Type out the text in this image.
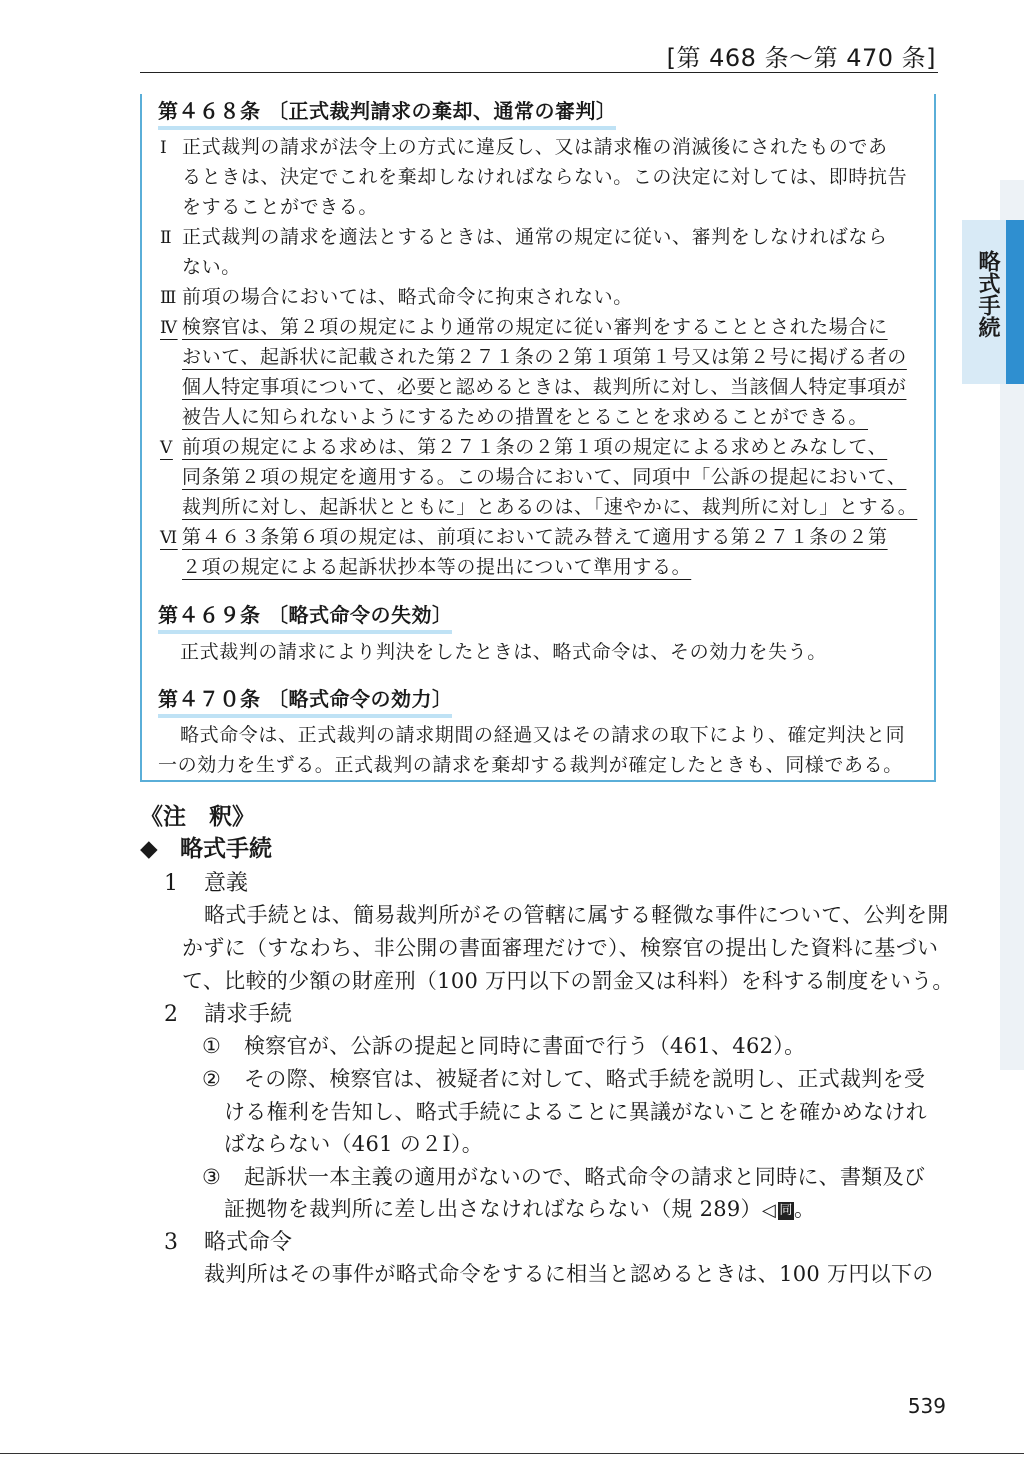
[第 468 条～第 470 条]
略式手続
第４６８条 〔正式裁判請求の棄却、通常の審判〕
Ⅰ 正式裁判の請求が法令上の方式に違反し、又は請求権の消滅後にされたものであ
るときは、決定でこれを棄却しなければならない。この決定に対しては、即時抗告
をすることができる。
Ⅱ 正式裁判の請求を適法とするときは、通常の規定に従い、審判をしなければなら
ない。
Ⅲ 前項の場合においては、略式命令に拘束されない。
Ⅳ 検察官は、第２項の規定により通常の規定に従い審判をすることとされた場合に
おいて、起訴状に記載された第２７１条の２第１項第１号又は第２号に掲げる者の
個人特定事項について、必要と認めるときは、裁判所に対し、当該個人特定事項が
被告人に知られないようにするための措置をとることを求めることができる。
Ⅴ 前項の規定による求めは、第２７１条の２第１項の規定による求めとみなして、
同条第２項の規定を適用する。この場合において、同項中「公訴の提起において、
裁判所に対し、起訴状とともに」とあるのは、「速やかに、裁判所に対し」とする。
Ⅵ 第４６３条第６項の規定は、前項において読み替えて適用する第２７１条の２第
２項の規定による起訴状抄本等の提出について準用する。
第４６９条 〔略式命令の失効〕
正式裁判の請求により判決をしたときは、略式命令は、その効力を失う。
第４７０条 〔略式命令の効力〕
略式命令は、正式裁判の請求期間の経過又はその請求の取下により、確定判決と同
一の効力を生ずる。正式裁判の請求を棄却する裁判が確定したときも、同様である。
《注　釈》
◆ 略式手続
1 意義
略式手続とは、簡易裁判所がその管轄に属する軽微な事件について、公判を開
かずに（すなわち、非公開の書面審理だけで）、検察官の提出した資料に基づい
て、比較的少額の財産刑（100 万円以下の罰金又は科料）を科する制度をいう。
2 請求手続
① 検察官が、公訴の提起と同時に書面で行う（461、462）。
② その際、検察官は、被疑者に対して、略式手続を説明し、正式裁判を受
ける権利を告知し、略式手続によることに異議がないことを確かめなけれ
ばならない（461 の２Ⅰ）。
③ 起訴状一本主義の適用がないので、略式命令の請求と同時に、書類及び
証拠物を裁判所に差し出さなければならない（規 289）◁ 同。
3 略式命令
裁判所はその事件が略式命令をするに相当と認めるときは、100 万円以下の
539
